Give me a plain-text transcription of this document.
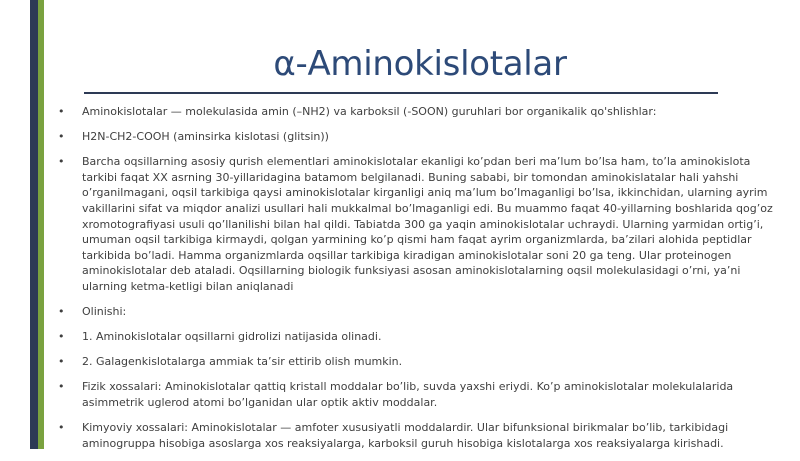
α-Aminokislotalar
• Aminokislotalar — molekulasida amin (–NH2) va karboksil (-SOON) guruhlari bor organikalik qo'shlishlar:
• H2N-CH2-COOH (aminsirka kislotasi (glitsin))
• Barcha oqsillarning asosiy qurish elementlari aminokislotalar ekanligi ko’pdan beri ma’lum bo’lsa ham, to’la aminokislota tarkibi faqat XX asrning 30-yillaridagina batamom belgilanadi. Buning sababi, bir tomondan aminokislatalar hali yahshi o’rganilmagani, oqsil tarkibiga qaysi aminokislotalar kirganligi aniq ma’lum bo’lmaganligi bo’lsa, ikkinchidan, ularning ayrim vakillarini sifat va miqdor analizi usullari hali mukkalmal bo’lmaganligi edi. Bu muammo faqat 40-yillarning boshlarida qog’oz xromotografiyasi usuli qo’llanilishi bilan hal qildi. Tabiatda 300 ga yaqin aminokislotalar uchraydi. Ularning yarmidan ortig’i, umuman oqsil tarkibiga kirmaydi, qolgan yarmining ko’p qismi ham faqat ayrim organizmlarda, ba’zilari alohida peptidlar tarkibida bo’ladi. Hamma organizmlarda oqsillar tarkibiga kiradigan aminokislotalar soni 20 ga teng. Ular proteinogen aminokislotalar deb ataladi. Oqsillarning biologik funksiyasi asosan aminokislotalarning oqsil molekulasidagi o’rni, ya’ni ularning ketma-ketligi bilan aniqlanadi
• Olinishi:
• 1. Aminokislotalar oqsillarni gidrolizi natijasida olinadi.
• 2. Galagenkislotalarga ammiak ta’sir ettirib olish mumkin.
• Fizik xossalari: Aminokislotalar qattiq kristall moddalar bo’lib, suvda yaxshi eriydi. Ko’p aminokislotalar molekulalarida asimmetrik uglerod atomi bo’lganidan ular optik aktiv moddalar.
• Kimyoviy xossalari: Aminokislotalar — amfoter xususiyatli moddalardir. Ular bifunksional birikmalar bo’lib, tarkibidagi aminogruppa hisobiga asoslarga xos reaksiyalarga, karboksil guruh hisobiga kislotalarga xos reaksiyalarga kirishadi.
